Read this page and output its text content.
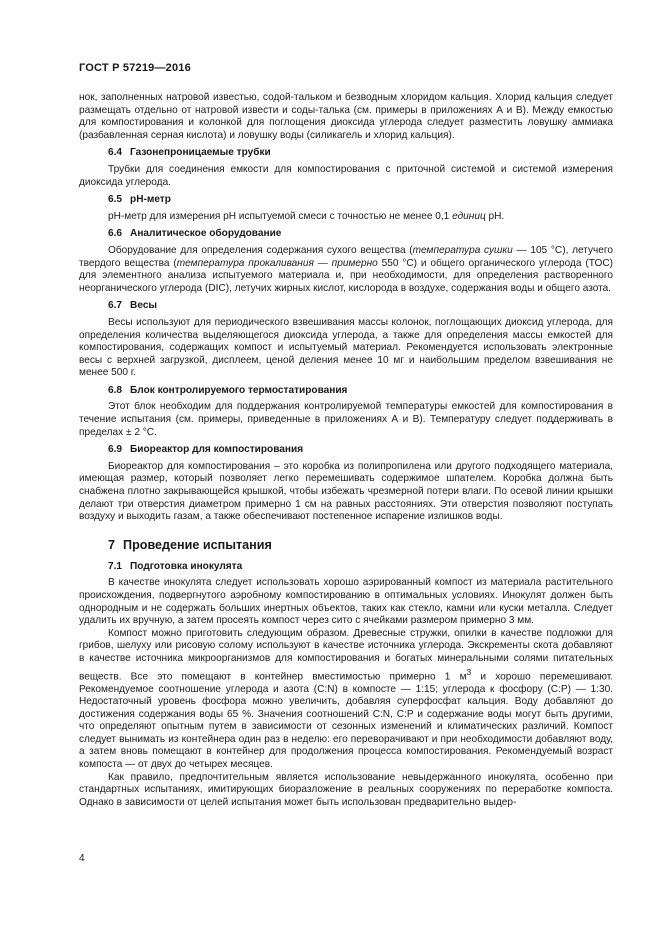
ГОСТ Р 57219—2016

нок, заполненных натровой известью, содой-тальком и безводным хлоридом кальция. Хлорид кальция следует размещать отдельно от натровой извести и соды-талька (см. примеры в приложениях А и В). Между емкостью для компостирования и колонкой для поглощения диоксида углерода следует разместить ловушку аммиака (разбавленная серная кислота) и ловушку воды (силикагель и хлорид кальция).

6.4 Газонепроницаемые трубки

Трубки для соединения емкости для компостирования с приточной системой и системой измерения диоксида углерода.

6.5 pH-метр

pH-метр для измерения pH испытуемой смеси с точностью не менее 0,1 единиц pH.

6.6 Аналитическое оборудование

Оборудование для определения содержания сухого вещества (температура сушки — 105 °С), летучего твердого вещества (температура прокаливания — примерно 550 °С) и общего органического углерода (ТОС) для элементного анализа испытуемого материала и, при необходимости, для определения растворенного неорганического углерода (DIC), летучих жирных кислот, кислорода в воздухе, содержания воды и общего азота.

6.7 Весы

Весы используют для периодического взвешивания массы колонок, поглощающих диоксид углерода, для определения количества выделяющегося диоксида углерода, а также для определения массы емкостей для компостирования, содержащих компост и испытуемый материал. Рекомендуется использовать электронные весы с верхней загрузкой, дисплеем, ценой деления менее 10 мг и наибольшим пределом взвешивания не менее 500 г.

6.8 Блок контролируемого термостатирования

Этот блок необходим для поддержания контролируемой температуры емкостей для компостирования в течение испытания (см. примеры, приведенные в приложениях А и В). Температуру следует поддерживать в пределах ± 2 °С.

6.9 Биореактор для компостирования

Биореактор для компостирования – это коробка из полипропилена или другого подходящего материала, имеющая размер, который позволяет легко перемешивать содержимое шпателем. Коробка должна быть снабжена плотно закрывающейся крышкой, чтобы избежать чрезмерной потери влаги. По осевой линии крышки делают три отверстия диаметром примерно 1 см на равных расстояниях. Эти отверстия позволяют поступать воздуху и выходить газам, а также обеспечивают постепенное испарение излишков воды.

7 Проведение испытания
7.1 Подготовка инокулята

В качестве инокулята следует использовать хорошо аэрированный компост из материала растительного происхождения, подвергнутого аэробному компостированию в оптимальных условиях. Инокулят должен быть однородным и не содержать больших инертных объектов, таких как стекло, камни или куски металла. Следует удалить их вручную, а затем просеять компост через сито с ячейками размером примерно 3 мм.

Компост можно приготовить следующим образом. Древесные стружки, опилки в качестве подложки для грибов, шелуху или рисовую солому используют в качестве источника углерода. Экскременты скота добавляют в качестве источника микроорганизмов для компостирования и богатых минеральными солями питательных веществ. Все это помещают в контейнер вместимостью примерно 1 $м^3$ и хорошо перемешивают. Рекомендуемое соотношение углерода и азота (C:N) в компосте — 1:15; углерода к фосфору (C:P) — 1:30. Недостаточный уровень фосфора можно увеличить, добавляя суперфосфат кальция. Воду добавляют до достижения содержания воды 65 %. Значения соотношений C:N, C:P и содержание воды могут быть другими, что определяют опытным путем в зависимости от сезонных изменений и климатических различий. Компост следует вынимать из контейнера один раз в неделю: его переворачивают и при необходимости добавляют воду, а затем вновь помещают в контейнер для продолжения процесса компостирования. Рекомендуемый возраст компоста — от двух до четырех месяцев.

Как правило, предпочтительным является использование невыдержанного инокулята, особенно при стандартных испытаниях, имитирующих биоразложение в реальных сооружениях по переработке компоста. Однако в зависимости от целей испытания может быть использован предварительно выдер-

4
